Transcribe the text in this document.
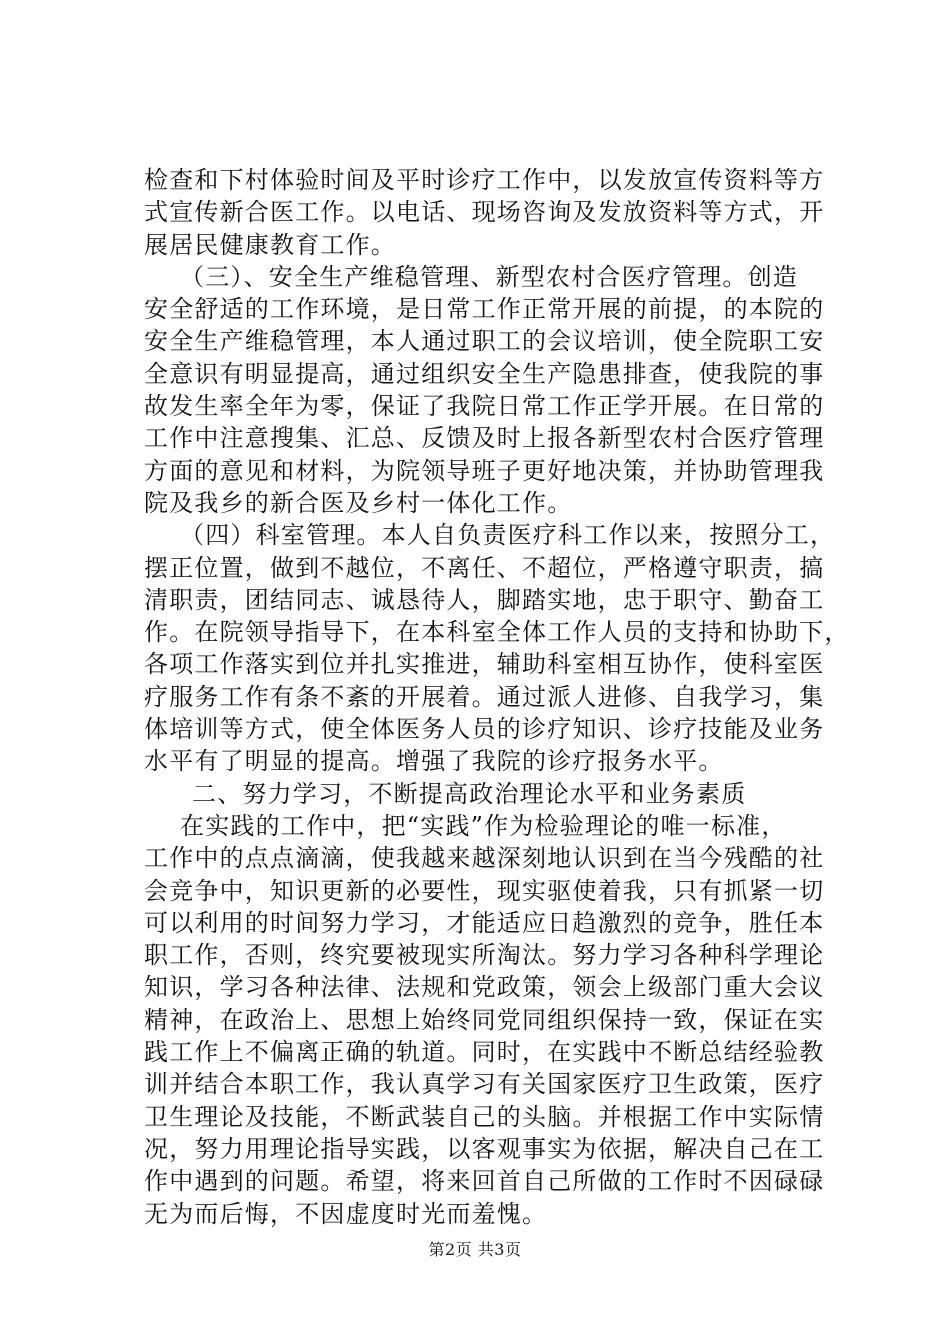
检查和下村体验时间及平时诊疗工作中，以发放宣传资料等方
式宣传新合医工作。以电话、现场咨询及发放资料等方式，开
展居民健康教育工作。
（三）、安全生产维稳管理、新型农村合医疗管理。创造
安全舒适的工作环境，是日常工作正常开展的前提，的本院的
安全生产维稳管理，本人通过职工的会议培训，使全院职工安
全意识有明显提高，通过组织安全生产隐患排查，使我院的事
故发生率全年为零，保证了我院日常工作正学开展。在日常的
工作中注意搜集、汇总、反馈及时上报各新型农村合医疗管理
方面的意见和材料，为院领导班子更好地决策，并协助管理我
院及我乡的新合医及乡村一体化工作。
（四）科室管理。本人自负责医疗科工作以来，按照分工，
摆正位置，做到不越位，不离任、不超位，严格遵守职责，搞
清职责，团结同志、诚恳待人，脚踏实地，忠于职守、勤奋工
作。在院领导指导下，在本科室全体工作人员的支持和协助下，
各项工作落实到位并扎实推进，辅助科室相互协作，使科室医
疗服务工作有条不紊的开展着。通过派人进修、自我学习，集
体培训等方式，使全体医务人员的诊疗知识、诊疗技能及业务
水平有了明显的提高。增强了我院的诊疗报务水平。
二、努力学习，不断提高政治理论水平和业务素质
在实践的工作中，把“实践”作为检验理论的唯一标准，
工作中的点点滴滴，使我越来越深刻地认识到在当今残酷的社
会竞争中，知识更新的必要性，现实驱使着我，只有抓紧一切
可以利用的时间努力学习，才能适应日趋激烈的竞争，胜任本
职工作，否则，终究要被现实所淘汰。努力学习各种科学理论
知识，学习各种法律、法规和党政策，领会上级部门重大会议
精神，在政治上、思想上始终同党同组织保持一致，保证在实
践工作上不偏离正确的轨道。同时，在实践中不断总结经验教
训并结合本职工作，我认真学习有关国家医疗卫生政策，医疗
卫生理论及技能，不断武装自己的头脑。并根据工作中实际情
况，努力用理论指导实践，以客观事实为依据，解决自己在工
作中遇到的问题。希望，将来回首自己所做的工作时不因碌碌
无为而后悔，不因虚度时光而羞愧。
第2页 共3页
